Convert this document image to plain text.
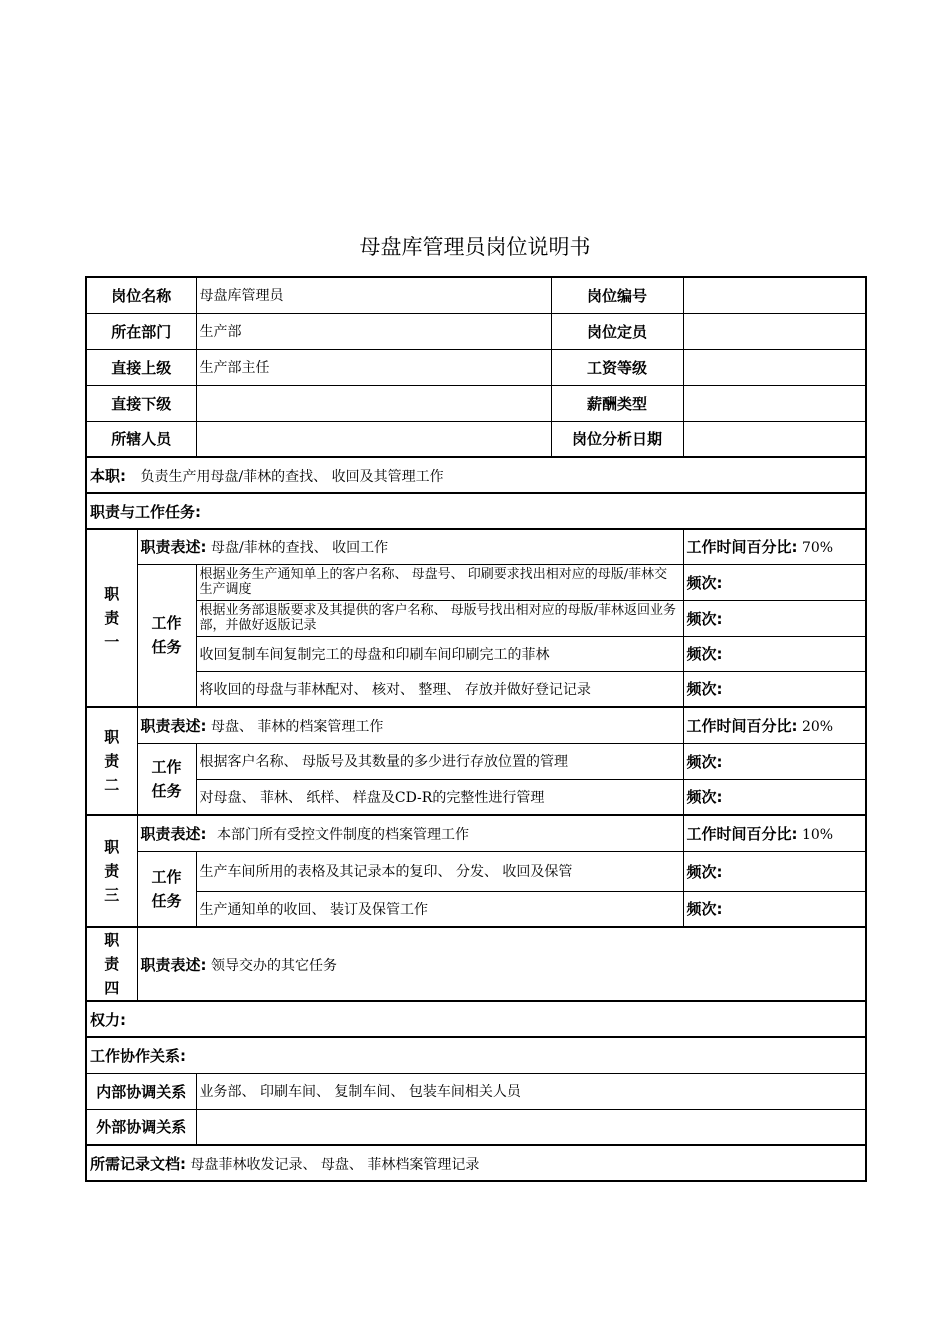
母盘库管理员岗位说明书
岗位名称		母盘库管理员	岗位编号	
所在部门		生产部	岗位定员	
直接上级		生产部主任	工资等级	
直接下级			薪酬类型	
所辖人员			岗位分析日期	
本职: 负责生产用母盘/菲林的查找、 收回及其管理工作				
职责与工作任务:				
职
责
一	职责表述: 母盘/菲林的查找、 收回工作			工作时间百分比: 70%
	工作
任务	根据业务生产通知单上的客户名称、 母盘号、 印刷要求找出相对应的母版/菲林交生产调度		频次:
		根据业务部退版要求及其提供的客户名称、 母版号找出相对应的母版/菲林返回业务部，并做好返版记录		频次:
		收回复制车间复制完工的母盘和印刷车间印刷完工的菲林		频次:
		将收回的母盘与菲林配对、 核对、 整理、 存放并做好登记记录		频次:
职
责
二	职责表述: 母盘、 菲林的档案管理工作			工作时间百分比: 20%
	工作
任务	根据客户名称、 母版号及其数量的多少进行存放位置的管理		频次:
		对母盘、 菲林、 纸样、 样盘及CD-R的完整性进行管理		频次:
职
责
三	职责表述: 本部门所有受控文件制度的档案管理工作			工作时间百分比: 10%
	工作
任务	生产车间所用的表格及其记录本的复印、 分发、 收回及保管		频次:
		生产通知单的收回、 装订及保管工作		频次:
职
责
四	职责表述: 领导交办的其它任务			
权力:				
工作协作关系:				
内部协调关系		业务部、 印刷车间、 复制车间、 包装车间相关人员		
外部协调关系				
所需记录文档: 母盘菲林收发记录、 母盘、 菲林档案管理记录				
